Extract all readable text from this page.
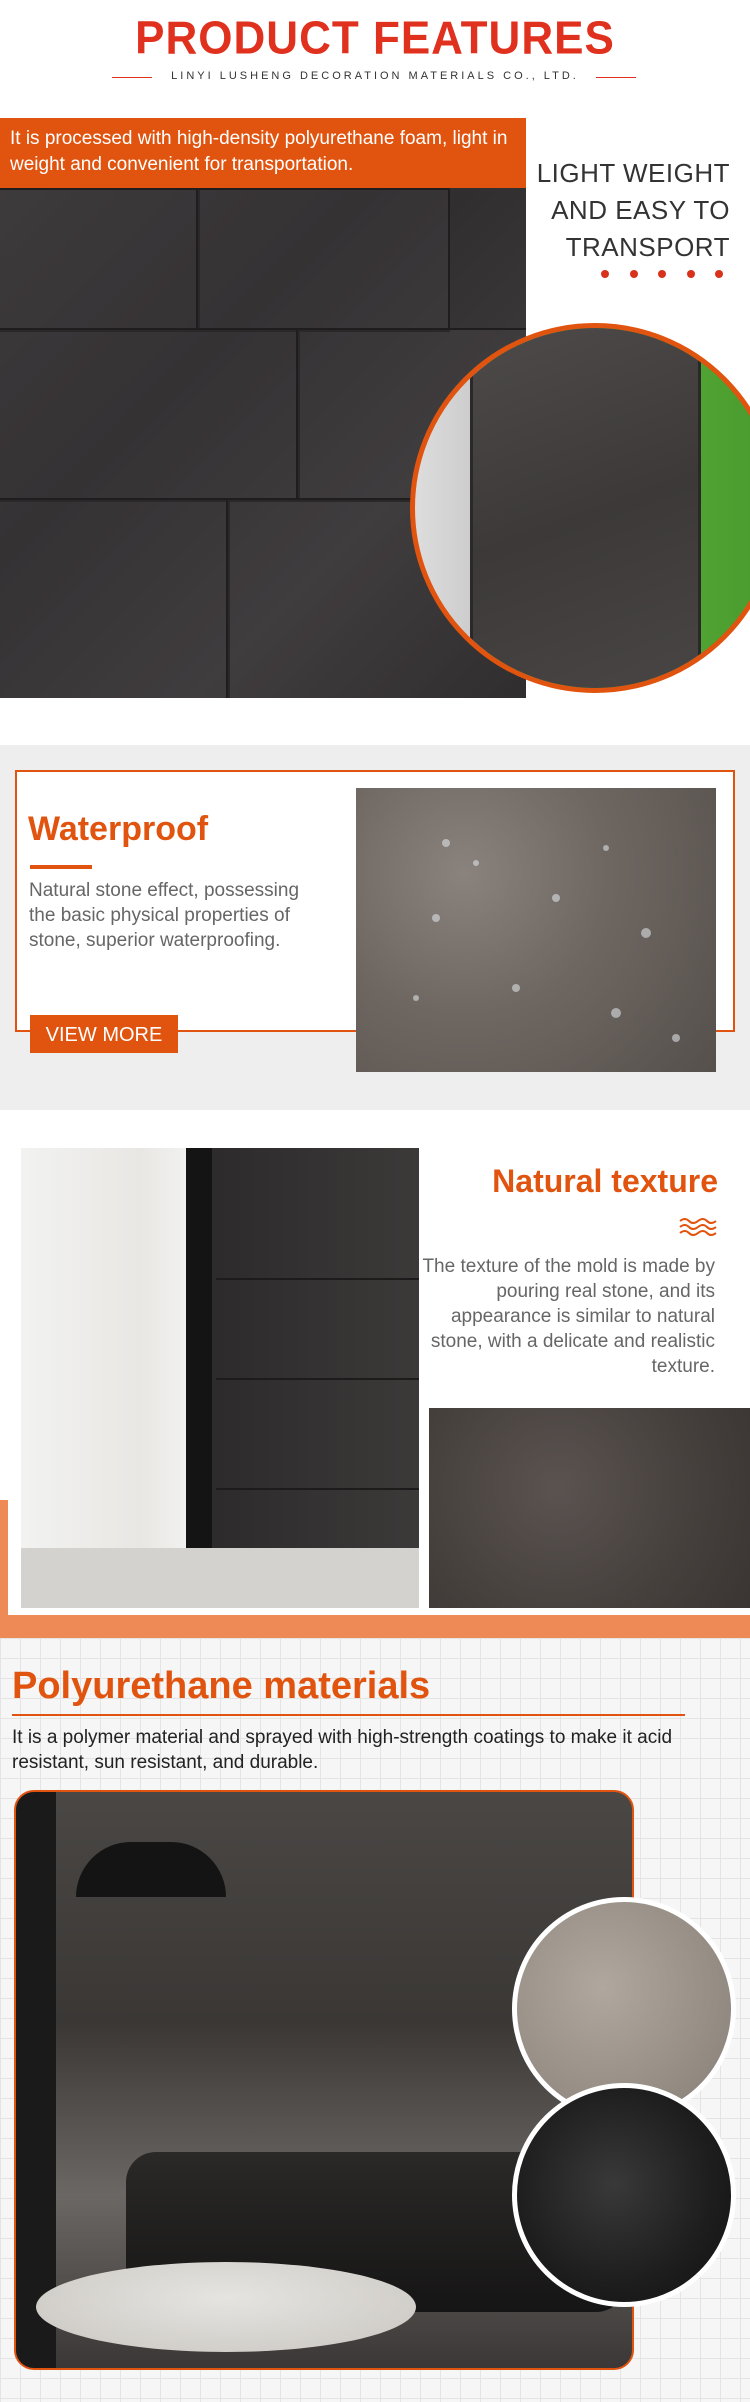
PRODUCT FEATURES
LINYI LUSHENG DECORATION MATERIALS CO., LTD.
It is processed with high-density polyurethane foam, light in weight and convenient for transportation.	LIGHT WEIGHT
AND EASY TO
TRANSPORT
Waterproof
Natural stone effect, possessing the basic physical properties of stone, superior waterproofing.
VIEW MORE
Natural texture
The texture of the mold is made by pouring real stone, and its appearance is similar to natural stone, with a delicate and realistic texture.
Polyurethane materials
It is a polymer material and sprayed with high-strength coatings to make it acid resistant, sun resistant, and durable.
